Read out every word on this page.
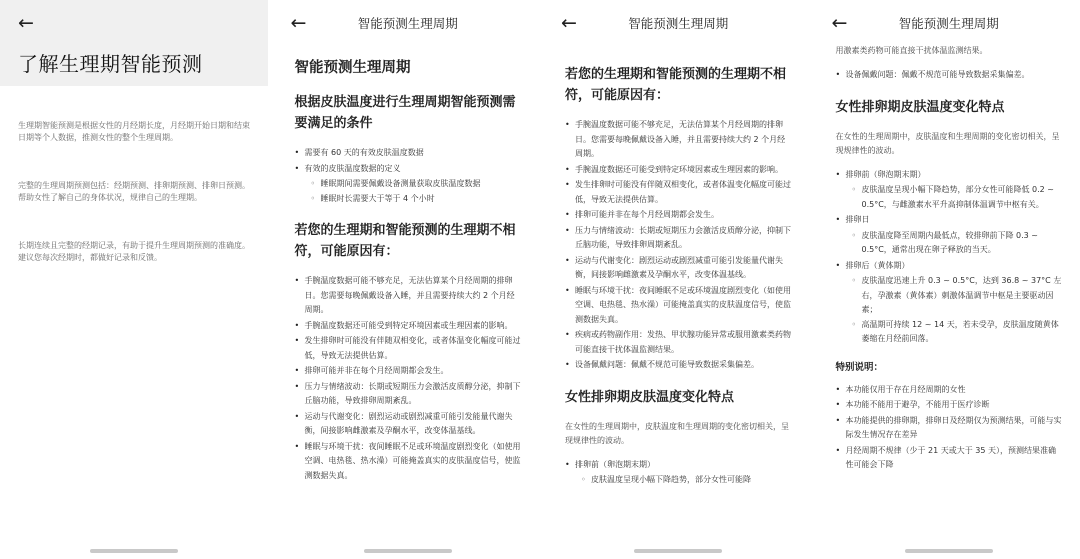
←
了解生理期智能预测

生理期智能预测是根据女性的月经期长度，月经期开始日期和结束日期等个人数据，推测女性的整个生理周期。

完整的生理周期预测包括：经期预测、排卵期预测、排卵日预测。帮助女性了解自己的身体状况，规律自己的生理期。

长期连续且完整的经期记录，有助于提升生理周期预测的准确度。建议您每次经期时，都做好记录和反馈。

←	智能预测生理周期
智能预测生理周期
根据皮肤温度进行生理周期智能预测需要满足的条件
• 需要有 60 天的有效皮肤温度数据
• 有效的皮肤温度数据的定义
◦ 睡眠期间需要佩戴设备测量获取皮肤温度数据
◦ 睡眠时长需要大于等于 4 个小时
若您的生理期和智能预测的生理期不相符，可能原因有：
• 手腕温度数据可能不够充足，无法估算某个月经周期的排卵日。您需要每晚佩戴设备入睡，并且需要持续大约 2 个月经周期。
• 手腕温度数据还可能受到特定环境因素或生理因素的影响。
• 发生排卵时可能没有伴随双相变化，或者体温变化幅度可能过低，导致无法提供估算。
• 排卵可能并非在每个月经周期都会发生。
• 压力与情绪波动：长期或短期压力会激活皮质醇分泌，抑制下丘脑功能，导致排卵周期紊乱。
• 运动与代谢变化：剧烈运动或剧烈减重可能引发能量代谢失衡，间接影响雌激素及孕酮水平，改变体温基线。
• 睡眠与环境干扰：夜间睡眠不足或环境温度剧烈变化（如使用空调、电热毯、热水澡）可能掩盖真实的皮肤温度信号，使监测数据失真。
←	智能预测生理周期
若您的生理期和智能预测的生理期不相符，可能原因有：
• 手腕温度数据可能不够充足，无法估算某个月经周期的排卵日。您需要每晚佩戴设备入睡，并且需要持续大约 2 个月经周期。
• 手腕温度数据还可能受到特定环境因素或生理因素的影响。
• 发生排卵时可能没有伴随双相变化，或者体温变化幅度可能过低，导致无法提供估算。
• 排卵可能并非在每个月经周期都会发生。
• 压力与情绪波动：长期或短期压力会激活皮质醇分泌，抑制下丘脑功能，导致排卵周期紊乱。
• 运动与代谢变化：剧烈运动或剧烈减重可能引发能量代谢失衡，间接影响雌激素及孕酮水平，改变体温基线。
• 睡眠与环境干扰：夜间睡眠不足或环境温度剧烈变化（如使用空调、电热毯、热水澡）可能掩盖真实的皮肤温度信号，使监测数据失真。
• 疾病或药物副作用：发热、甲状腺功能异常或服用激素类药物可能直接干扰体温监测结果。
• 设备佩戴问题：佩戴不规范可能导致数据采集偏差。
女性排卵期皮肤温度变化特点

在女性的生理周期中，皮肤温度和生理周期的变化密切相关，呈现规律性的波动。

• 排卵前（卵泡期末期）
◦ 皮肤温度呈现小幅下降趋势，部分女性可能降
←	智能预测生理周期

用激素类药物可能直接干扰体温监测结果。

• 设备佩戴问题：佩戴不规范可能导致数据采集偏差。
女性排卵期皮肤温度变化特点

在女性的生理周期中，皮肤温度和生理周期的变化密切相关，呈现规律性的波动。

• 排卵前（卵泡期末期）
◦ 皮肤温度呈现小幅下降趋势，部分女性可能降低 0.2 ~ 0.5°C，与雌激素水平升高抑制体温调节中枢有关。
• 排卵日
◦ 皮肤温度降至周期内最低点，较排卵前下降 0.3 ~ 0.5°C，通常出现在卵子释放的当天。
• 排卵后（黄体期）
◦ 皮肤温度迅速上升 0.3 ~ 0.5°C，达到 36.8 ~ 37°C 左右，孕激素（黄体素）刺激体温调节中枢是主要驱动因素；
◦ 高温期可持续 12 ~ 14 天，若未受孕，皮肤温度随黄体萎缩在月经前回落。
特别说明：
• 本功能仅用于存在月经周期的女性
• 本功能不能用于避孕，不能用于医疗诊断
• 本功能提供的排卵期，排卵日及经期仅为预测结果，可能与实际发生情况存在差异
• 月经周期不规律（少于 21 天或大于 35 天），预测结果准确性可能会下降
